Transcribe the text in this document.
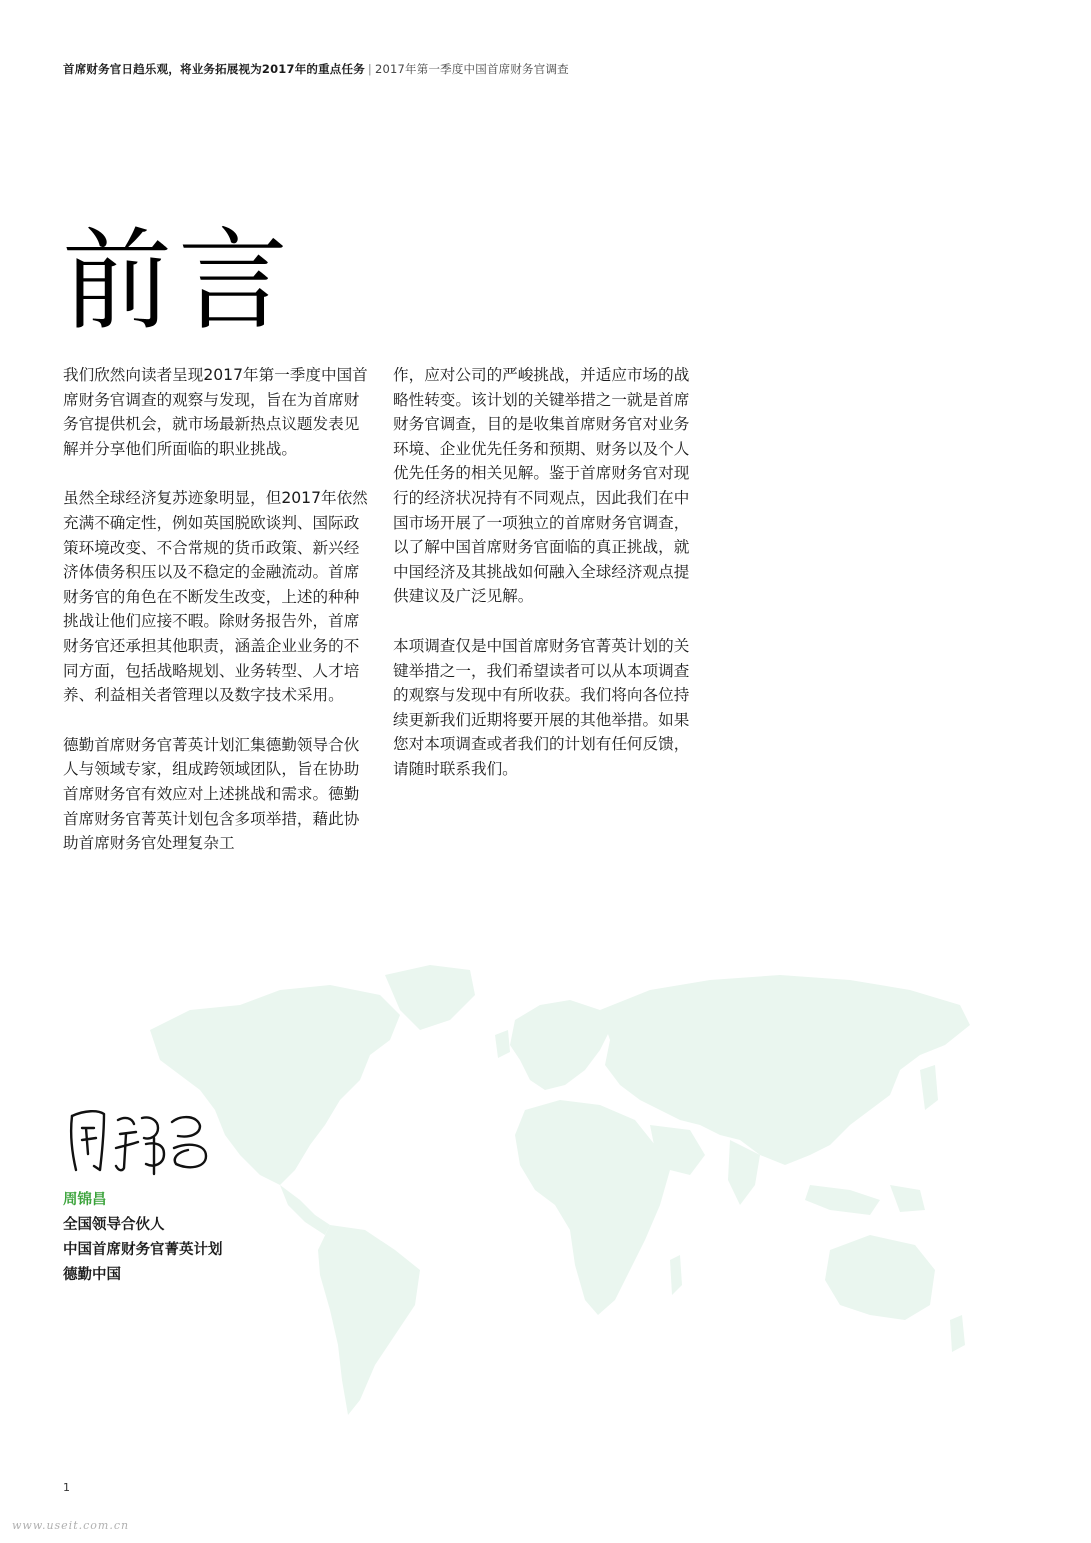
首席财务官日趋乐观，将业务拓展视为2017年的重点任务 | 2017年第一季度中国首席财务官调查
前言

我们欣然向读者呈现2017年第一季度中国首席财务官调查的观察与发现，旨在为首席财务官提供机会，就市场最新热点议题发表见解并分享他们所面临的职业挑战。

虽然全球经济复苏迹象明显，但2017年依然充满不确定性，例如英国脱欧谈判、国际政策环境改变、不合常规的货币政策、新兴经济体债务积压以及不稳定的金融流动。首席财务官的角色在不断发生改变，上述的种种挑战让他们应接不暇。除财务报告外，首席财务官还承担其他职责，涵盖企业业务的不同方面，包括战略规划、业务转型、人才培养、利益相关者管理以及数字技术采用。

德勤首席财务官菁英计划汇集德勤领导合伙人与领域专家，组成跨领域团队，旨在协助首席财务官有效应对上述挑战和需求。德勤首席财务官菁英计划包含多项举措，藉此协助首席财务官处理复杂工

作，应对公司的严峻挑战，并适应市场的战略性转变。该计划的关键举措之一就是首席财务官调查，目的是收集首席财务官对业务环境、企业优先任务和预期、财务以及个人优先任务的相关见解。鉴于首席财务官对现行的经济状况持有不同观点，因此我们在中国市场开展了一项独立的首席财务官调查，以了解中国首席财务官面临的真正挑战，就中国经济及其挑战如何融入全球经济观点提供建议及广泛见解。

本项调查仅是中国首席财务官菁英计划的关键举措之一，我们希望读者可以从本项调查的观察与发现中有所收获。我们将向各位持续更新我们近期将要开展的其他举措。如果您对本项调查或者我们的计划有任何反馈，请随时联系我们。

周锦昌
全国领导合伙人
中国首席财务官菁英计划
德勤中国
1
www.useit.com.cn
